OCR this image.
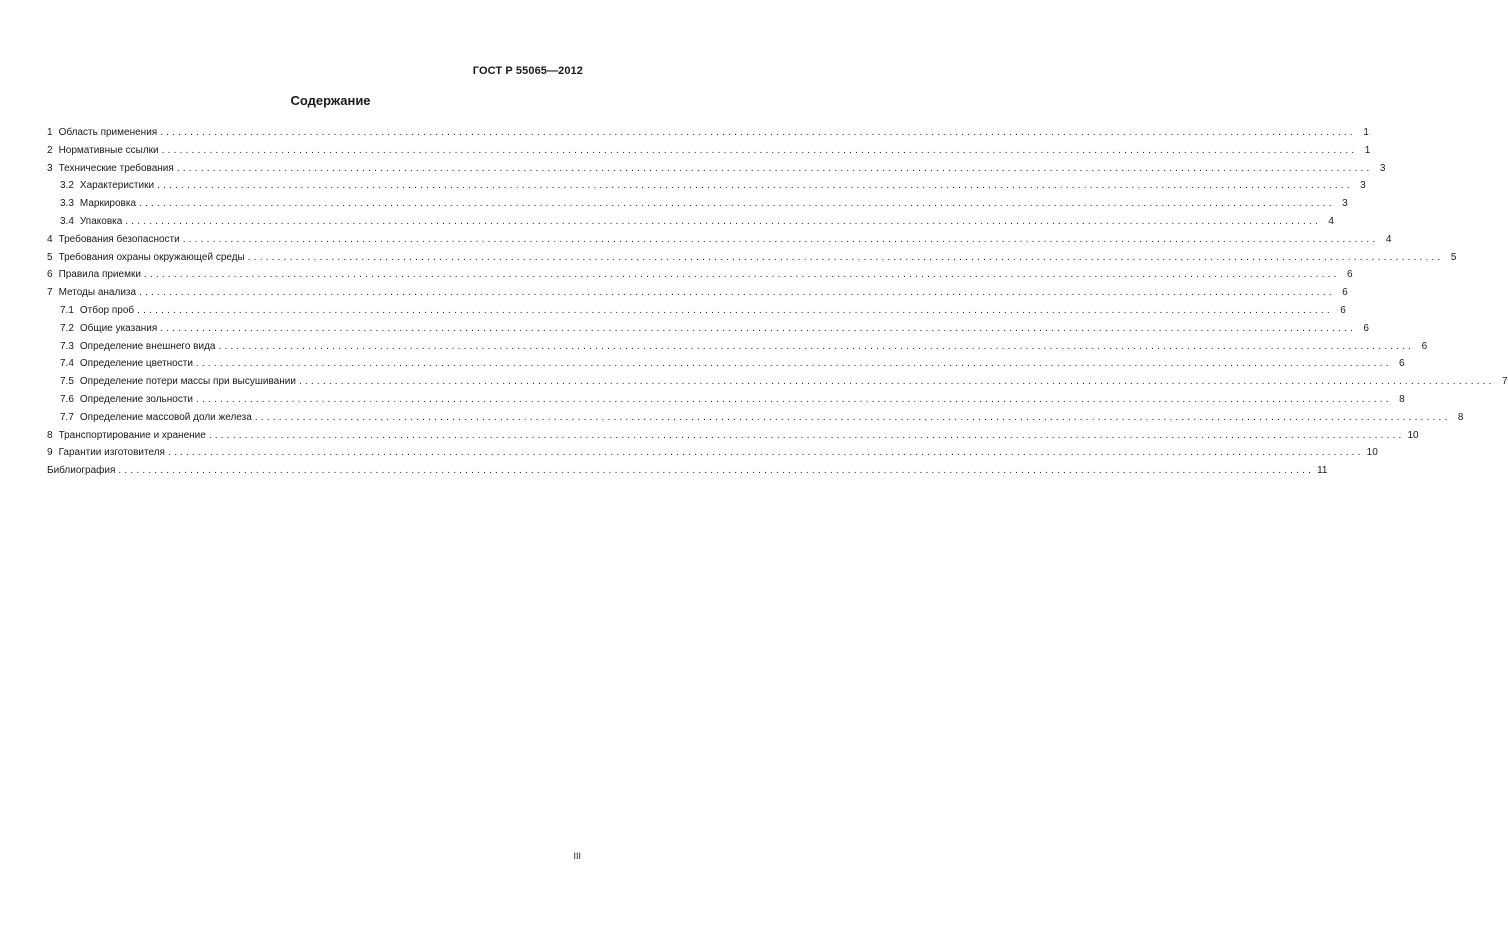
ГОСТ Р 55065—2012
Содержание
1 Область применения ........................................................................................................................................................................................................ 1
2 Нормативные ссылки ........................................................................................................................................................................................................ 1
3 Технические требования ........................................................................................................................................................................................................ 3
3.2 Характеристики ........................................................................................................................................................................................................ 3
3.3 Маркировка ........................................................................................................................................................................................................ 3
3.4 Упаковка ........................................................................................................................................................................................................ 4
4 Требования безопасности ........................................................................................................................................................................................................ 4
5 Требования охраны окружающей среды ........................................................................................................................................................................................................ 5
6 Правила приемки ........................................................................................................................................................................................................ 6
7 Методы анализа ........................................................................................................................................................................................................ 6
7.1 Отбор проб ........................................................................................................................................................................................................ 6
7.2 Общие указания ........................................................................................................................................................................................................ 6
7.3 Определение внешнего вида ........................................................................................................................................................................................................ 6
7.4 Определение цветности ........................................................................................................................................................................................................ 6
7.5 Определение потери массы при высушивании ........................................................................................................................................................................................................ 7
7.6 Определение зольности ........................................................................................................................................................................................................ 8
7.7 Определение массовой доли железа ........................................................................................................................................................................................................ 8
8 Транспортирование и хранение ........................................................................................................................................................................................................ 10
9 Гарантии изготовителя ........................................................................................................................................................................................................ 10
Библиография ........................................................................................................................................................................................................ 11
III
